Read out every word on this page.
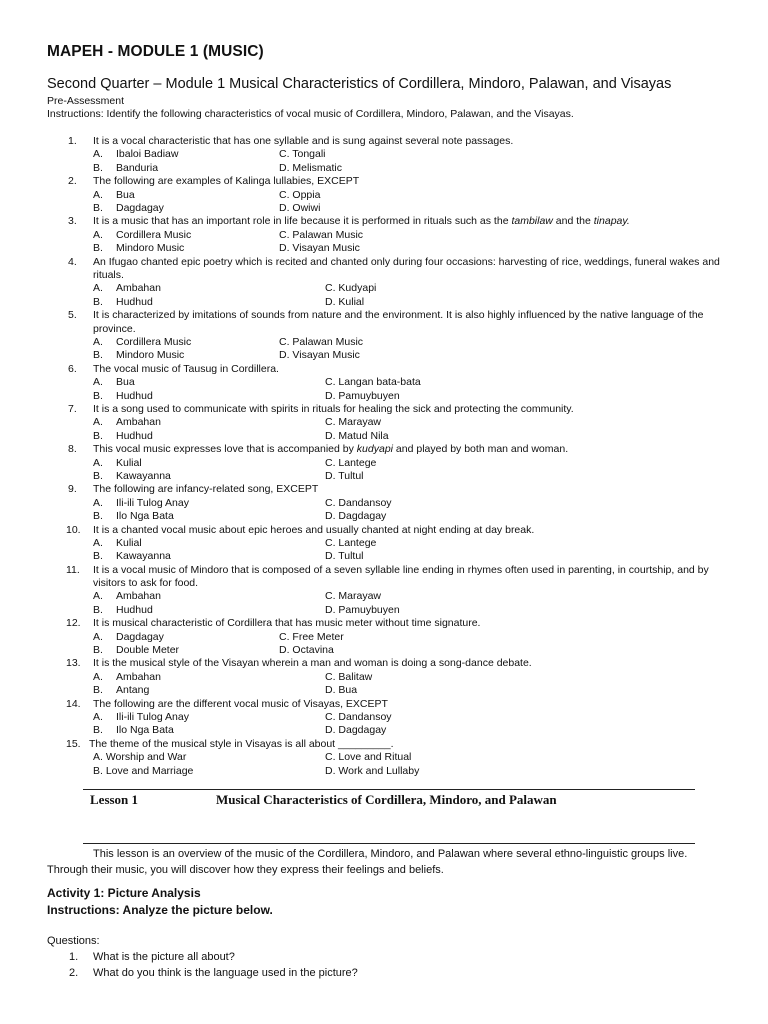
MAPEH - MODULE 1 (MUSIC)
Second Quarter – Module 1 Musical Characteristics of Cordillera, Mindoro, Palawan, and Visayas
Pre-Assessment
Instructions: Identify the following characteristics of vocal music of Cordillera, Mindoro, Palawan, and the Visayas.
1. It is a vocal characteristic that has one syllable and is sung against several note passages.
A. Ibaloi Badiaw	C. Tongali
B. Banduria	D. Melismatic
2. The following are examples of Kalinga lullabies, EXCEPT
A. Bua	C. Oppia
B. Dagdagay	D. Owiwi
3. It is a music that has an important role in life because it is performed in rituals such as the tambilaw and the tinapay.
A. Cordillera Music	C. Palawan Music
B. Mindoro Music	D. Visayan Music
4. An Ifugao chanted epic poetry which is recited and chanted only during four occasions: harvesting of rice, weddings, funeral wakes and rituals.
A. Ambahan	C. Kudyapi
B. Hudhud	D. Kulial
5. It is characterized by imitations of sounds from nature and the environment. It is also highly influenced by the native language of the province.
A. Cordillera Music	C. Palawan Music
B. Mindoro Music	D. Visayan Music
6. The vocal music of Tausug in Cordillera.
A. Bua	C. Langan bata-bata
B. Hudhud	D. Pamuybuyen
7. It is a song used to communicate with spirits in rituals for healing the sick and protecting the community.
A. Ambahan	C. Marayaw
B. Hudhud	D. Matud Nila
8. This vocal music expresses love that is accompanied by kudyapi and played by both man and woman.
A. Kulial	C. Lantege
B. Kawayanna	D. Tultul
9. The following are infancy-related song, EXCEPT
A. Ili-ili Tulog Anay	C. Dandansoy
B. Ilo Nga Bata	D. Dagdagay
10. It is a chanted vocal music about epic heroes and usually chanted at night ending at day break.
A. Kulial	C. Lantege
B. Kawayanna	D. Tultul
11. It is a vocal music of Mindoro that is composed of a seven syllable line ending in rhymes often used in parenting, in courtship, and by visitors to ask for food.
A. Ambahan	C. Marayaw
B. Hudhud	D. Pamuybuyen
12. It is musical characteristic of Cordillera that has music meter without time signature.
A. Dagdagay	C. Free Meter
B. Double Meter	D. Octavina
13. It is the musical style of the Visayan wherein a man and woman is doing a song-dance debate.
A. Ambahan	C. Balitaw
B. Antang	D. Bua
14. The following are the different vocal music of Visayas, EXCEPT
A. Ili-ili Tulog Anay	C. Dandansoy
B. Ilo Nga Bata	D. Dagdagay
15. The theme of the musical style in Visayas is all about _________.
A. Worship and War	C. Love and Ritual
B. Love and Marriage	D. Work and Lullaby
Lesson 1	Musical Characteristics of Cordillera, Mindoro, and Palawan
This lesson is an overview of the music of the Cordillera, Mindoro, and Palawan where several ethno-linguistic groups live. Through their music, you will discover how they express their feelings and beliefs.
Activity 1: Picture Analysis
Instructions: Analyze the picture below.
Questions:
1. What is the picture all about?
2. What do you think is the language used in the picture?
